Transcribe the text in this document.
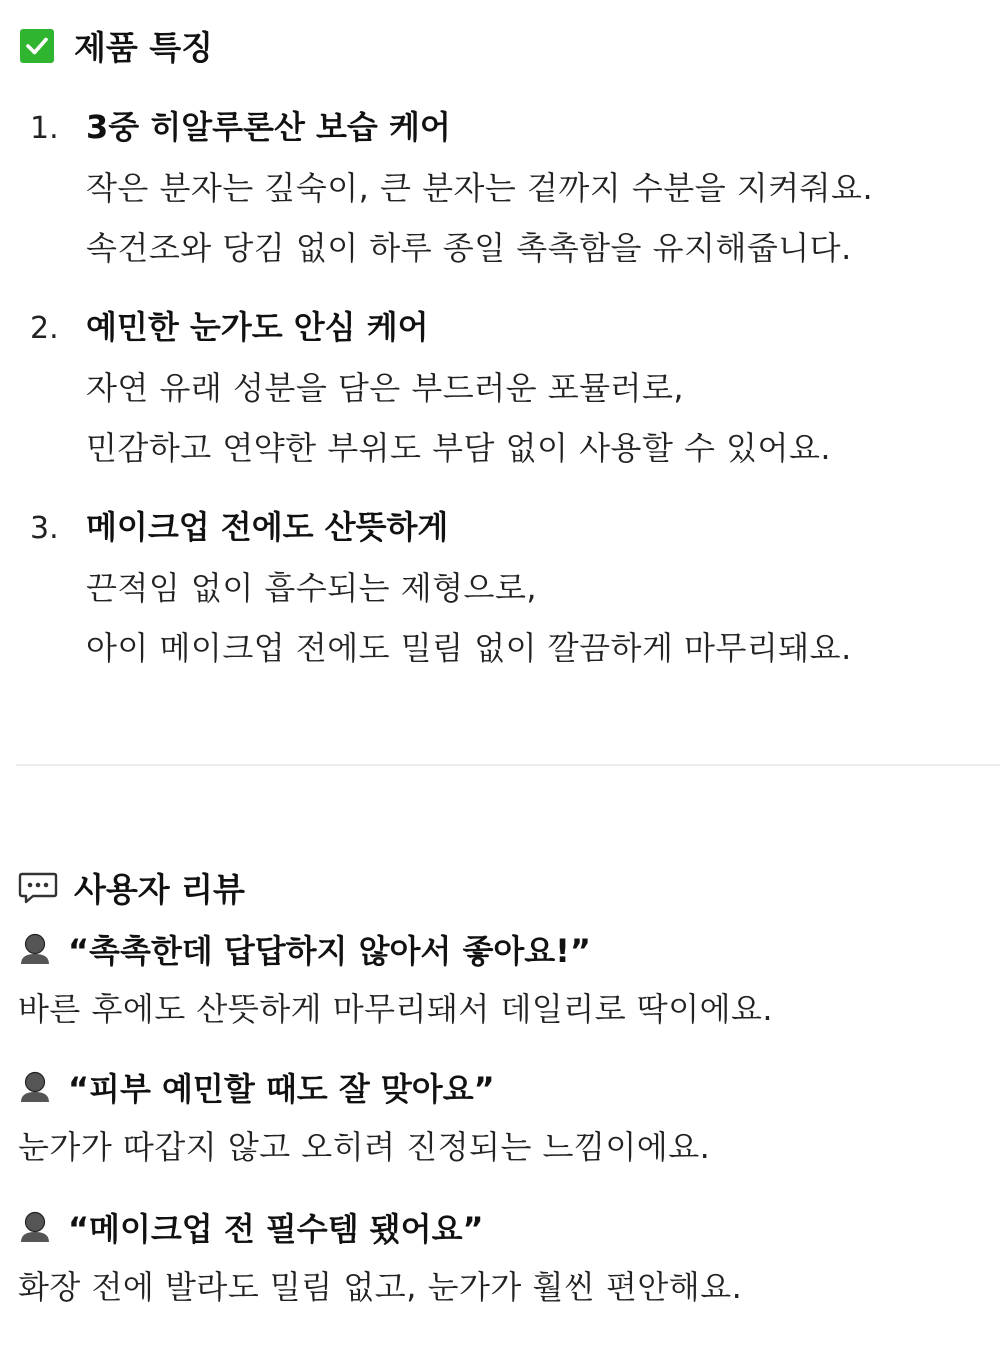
제품 특징
1. 3중 히알루론산 보습 케어
작은 분자는 깊숙이, 큰 분자는 겉까지 수분을 지켜줘요.
속건조와 당김 없이 하루 종일 촉촉함을 유지해줍니다.
2. 예민한 눈가도 안심 케어
자연 유래 성분을 담은 부드러운 포뮬러로,
민감하고 연약한 부위도 부담 없이 사용할 수 있어요.
3. 메이크업 전에도 산뜻하게
끈적임 없이 흡수되는 제형으로,
아이 메이크업 전에도 밀림 없이 깔끔하게 마무리돼요.
사용자 리뷰
“촉촉한데 답답하지 않아서 좋아요!”
바른 후에도 산뜻하게 마무리돼서 데일리로 딱이에요.
“피부 예민할 때도 잘 맞아요”
눈가가 따갑지 않고 오히려 진정되는 느낌이에요.
“메이크업 전 필수템 됐어요”
화장 전에 발라도 밀림 없고, 눈가가 훨씬 편안해요.
